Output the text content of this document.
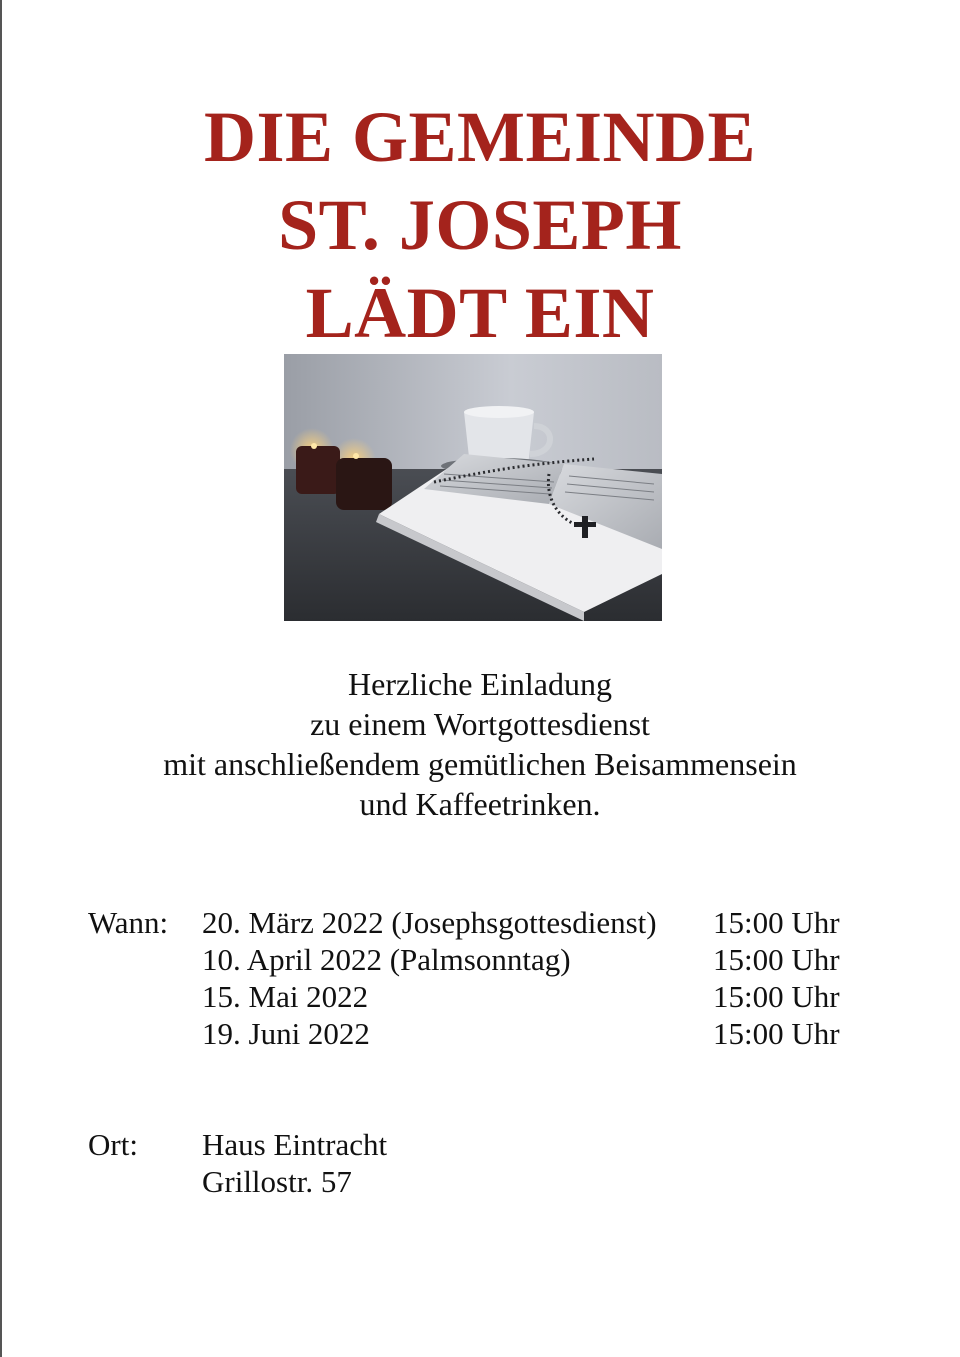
DIE GEMEINDE
ST. JOSEPH
LÄDT EIN
Herzliche Einladung
zu einem Wortgottesdienst
mit anschließendem gemütlichen Beisammensein
und Kaffeetrinken.
Wann: 20. März 2022 (Josephsgottesdienst)
10. April 2022 (Palmsonntag)
15. Mai 2022
19. Juni 2022
15:00 Uhr
15:00 Uhr
15:00 Uhr
15:00 Uhr
Ort: Haus Eintracht
Grillostr. 57
